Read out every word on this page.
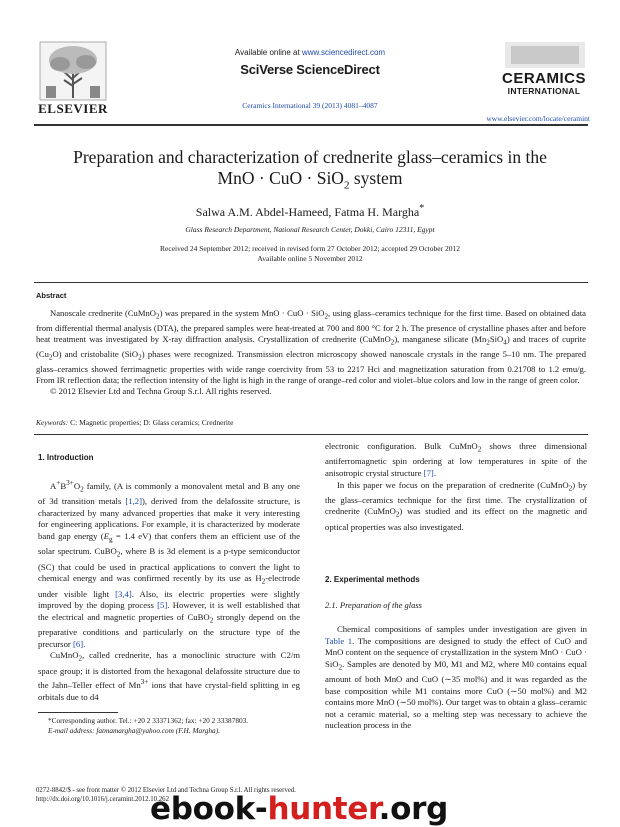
ELSEVIER
Available online at www.sciencedirect.com
SciVerse ScienceDirect
Ceramics International 39 (2013) 4081–4087
CERAMICS
INTERNATIONAL
www.elsevier.com/locate/ceramint
Preparation and characterization of crednerite glass–ceramics in the
MnO · CuO · SiO$_2$ system
Salwa A.M. Abdel-Hameed, Fatma H. Margha*
Glass Research Department, National Research Center, Dokki, Cairo 12311, Egypt
Received 24 September 2012; received in revised form 27 October 2012; accepted 29 October 2012
Available online 5 November 2012
Abstract

Nanoscale crednerite (CuMnO$_2$) was prepared in the system MnO · CuO · SiO$_2$, using glass–ceramics technique for the first time. Based on obtained data from differential thermal analysis (DTA), the prepared samples were heat-treated at 700 and 800 °C for 2 h. The presence of crystalline phases after and before heat treatment was investigated by X-ray diffraction analysis. Crystallization of crednerite (CuMnO$_2$), manganese silicate $(Mn_2SiO_4)$ and traces of cuprite $(Cu_2O)$ and cristobalite (SiO$_2$) phases were recognized. Transmission electron microscopy showed nanoscale crystals in the range 5–10 nm. The prepared glass–ceramics showed ferrimagnetic properties with wide range coercivity from 53 to 2217 Hci and magnetization saturation from 0.21708 to 1.2 emu/g. From IR reflection data; the reflection intensity of the light is high in the range of orange–red color and violet–blue colors and low in the range of green color.

© 2012 Elsevier Ltd and Techna Group S.r.l. All rights reserved.

Keywords: C: Magnetic properties; D: Glass ceramics; Crednerite
1. Introduction

$A^+B^{3+}O_2$ family, (A is commonly a monovalent metal and B any one of 3d transition metals [1,2]), derived from the delafossite structure, is characterized by many advanced properties that make it very interesting for engineering applications. For example, it is characterized by moderate band gap energy ($E_g = 1.4$ eV) that confers them an efficient use of the solar spectrum. CuBO$_2$, where B is 3d element is a p-type semiconductor (SC) that could be used in practical applications to convert the light to chemical energy and was confirmed recently by its use as $H_2$-electrode under visible light [3,4]. Also, its electric properties were slightly improved by the doping process [5]. However, it is well established that the electrical and magnetic properties of CuBO$_2$ strongly depend on the preparative conditions and particularly on the structure type of the precursor [6].

CuMnO$_2$, called crednerite, has a monoclinic structure with C2/m space group; it is distorted from the hexagonal delafossite structure due to the Jahn–Teller effect of $Mn^{3+}$ ions that have crystal-field splitting in eg orbitals due to d4

*Corresponding author. Tel.: +20 2 33371362; fax: +20 2 33387803.
E-mail address: fatmamargha@yahoo.com (F.H. Margha).

electronic configuration. Bulk CuMnO$_2$ shows three dimensional antiferromagnetic spin ordering at low temperatures in spite of the anisotropic crystal structure [7].

In this paper we focus on the preparation of crednerite (CuMnO$_2$) by the glass–ceramics technique for the first time. The crystallization of crednerite (CuMnO$_2$) was studied and its effect on the magnetic and optical properties was also investigated.

2. Experimental methods
2.1. Preparation of the glass

Chemical compositions of samples under investigation are given in Table 1. The compositions are designed to study the effect of CuO and MnO content on the sequence of crystallization in the system MnO · CuO · SiO$_2$. Samples are denoted by M0, M1 and M2, where M0 contains equal amount of both MnO and CuO (∼35 mol%) and it was regarded as the base composition while M1 contains more CuO (∼50 mol%) and M2 contains more MnO (∼50 mol%). Our target was to obtain a glass–ceramic not a ceramic material, so a melting step was necessary to achieve the nucleation process in the

0272-8842/$ - see front matter © 2012 Elsevier Ltd and Techna Group S.r.l. All rights reserved.
http://dx.doi.org/10.1016/j.ceramint.2012.10.262
ebook-hunter.org
